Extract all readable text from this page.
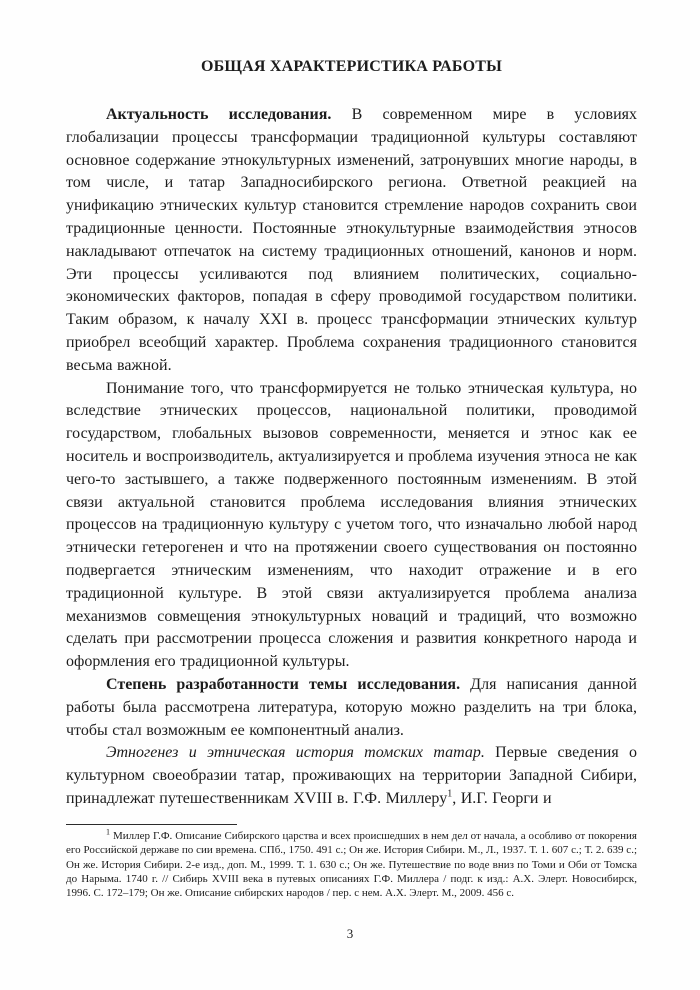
ОБЩАЯ ХАРАКТЕРИСТИКА РАБОТЫ

Актуальность исследования. В современном мире в условиях глобализации процессы трансформации традиционной культуры составляют основное содержание этнокультурных изменений, затронувших многие народы, в том числе, и татар Западносибирского региона. Ответной реакцией на унификацию этнических культур становится стремление народов сохранить свои традиционные ценности. Постоянные этнокультурные взаимодействия этносов накладывают отпечаток на систему традиционных отношений, канонов и норм. Эти процессы усиливаются под влиянием политических, социально-экономических факторов, попадая в сферу проводимой государством политики. Таким образом, к началу XXI в. процесс трансформации этнических культур приобрел всеобщий характер. Проблема сохранения традиционного становится весьма важной.

Понимание того, что трансформируется не только этническая культура, но вследствие этнических процессов, национальной политики, проводимой государством, глобальных вызовов современности, меняется и этнос как ее носитель и воспроизводитель, актуализируется и проблема изучения этноса не как чего-то застывшего, а также подверженного постоянным изменениям. В этой связи актуальной становится проблема исследования влияния этнических процессов на традиционную культуру с учетом того, что изначально любой народ этнически гетерогенен и что на протяжении своего существования он постоянно подвергается этническим изменениям, что находит отражение и в его традиционной культуре. В этой связи актуализируется проблема анализа механизмов совмещения этнокультурных новаций и традиций, что возможно сделать при рассмотрении процесса сложения и развития конкретного народа и оформления его традиционной культуры.

Степень разработанности темы исследования. Для написания данной работы была рассмотрена литература, которую можно разделить на три блока, чтобы стал возможным ее компонентный анализ.

Этногенез и этническая история томских татар. Первые сведения о культурном своеобразии татар, проживающих на территории Западной Сибири, принадлежат путешественникам XVIII в. Г.Ф. Миллеру$^1$, И.Г. Георги и

$^1$ Миллер Г.Ф. Описание Сибирского царства и всех происшедших в нем дел от начала, а особливо от покорения его Российской державе по сии времена. СПб., 1750. 491 с.; Он же. История Сибири. М., Л., 1937. Т. 1. 607 с.; Т. 2. 639 с.; Он же. История Сибири. 2-е изд., доп. М., 1999. Т. 1. 630 с.; Он же. Путешествие по воде вниз по Томи и Оби от Томска до Нарыма. 1740 г. // Сибирь XVIII века в путевых описаниях Г.Ф. Миллера / подг. к изд.: А.Х. Элерт. Новосибирск, 1996. С. 172–179; Он же. Описание сибирских народов / пер. с нем. А.Х. Элерт. М., 2009. 456 с.

3
